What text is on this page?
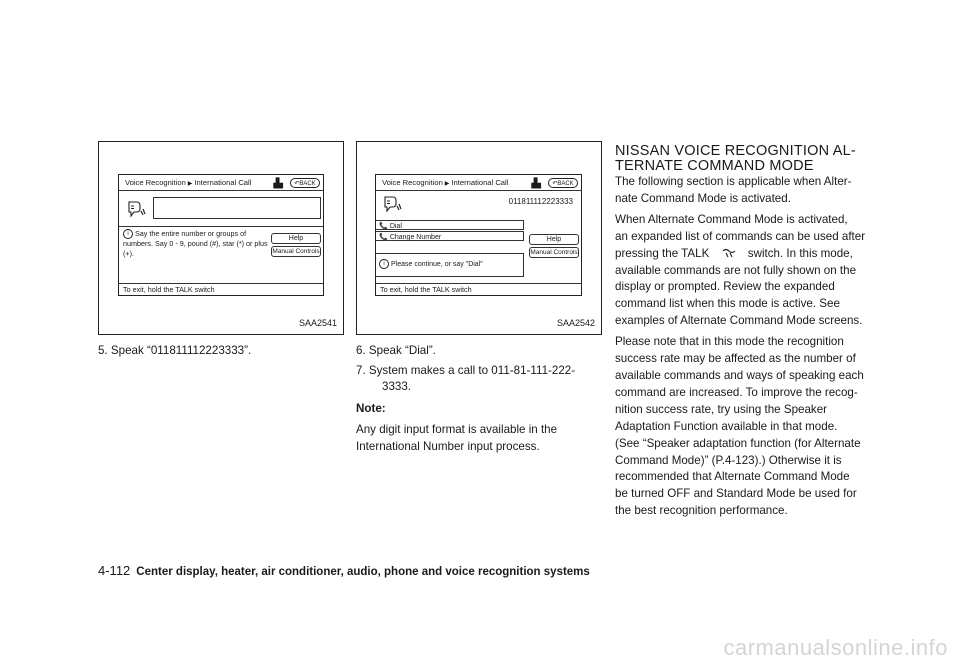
Voice Recognition ▶ International Call ▗▙	↶BACK
i Say the entire number or groups of numbers. Say 0 - 9, pound (#), star (*) or plus (+).
Help
Manual Controls
To exit, hold the TALK switch
SAA2541
Voice Recognition ▶ International Call ▗▙	↶BACK
011811112223333
📞 Dial
📞 Change Number	Help
Manual Controls
i Please continue, or say "Dial"
To exit, hold the TALK switch
SAA2542
5. Speak “011811112223333”.	6. Speak “Dial”.
7. System makes a call to 011-81-111-222-
3333.
Note:
Any digit input format is available in the
International Number input process.
NISSAN VOICE RECOGNITION AL-
TERNATE COMMAND MODE
The following section is applicable when Alter-
nate Command Mode is activated.
When Alternate Command Mode is activated,
an expanded list of commands can be used after
pressing the TALK	switch. In this mode,
available commands are not fully shown on the
display or prompted. Review the expanded
command list when this mode is active. See
examples of Alternate Command Mode screens.
Please note that in this mode the recognition
success rate may be affected as the number of
available commands and ways of speaking each
command are increased. To improve the recog-
nition success rate, try using the Speaker
Adaptation Function available in that mode.
(See “Speaker adaptation function (for Alternate
Command Mode)” (P.4-123).) Otherwise it is
recommended that Alternate Command Mode
be turned OFF and Standard Mode be used for
the best recognition performance.
4-112 Center display, heater, air conditioner, audio, phone and voice recognition systems
carmanualsonline.info
